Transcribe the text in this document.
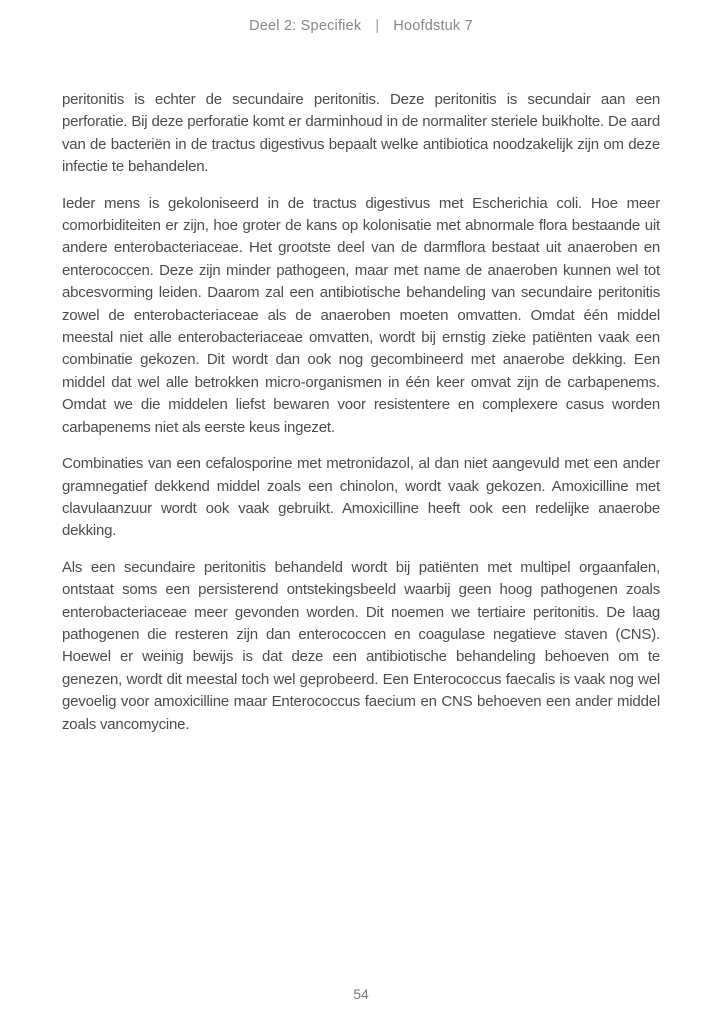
Deel 2: Specifiek | Hoofdstuk 7

peritonitis is echter de secundaire peritonitis. Deze peritonitis is secundair aan een perforatie. Bij deze perforatie komt er darminhoud in de normaliter steriele buikholte. De aard van de bacteriën in de tractus digestivus bepaalt welke antibiotica noodzakelijk zijn om deze infectie te behandelen.

Ieder mens is gekoloniseerd in de tractus digestivus met Escherichia coli. Hoe meer comorbiditeiten er zijn, hoe groter de kans op kolonisatie met abnormale flora bestaande uit andere enterobacteriaceae. Het grootste deel van de darmflora bestaat uit anaeroben en enterococcen. Deze zijn minder pathogeen, maar met name de anaeroben kunnen wel tot abcesvorming leiden. Daarom zal een antibiotische behandeling van secundaire peritonitis zowel de enterobacteriaceae als de anaeroben moeten omvatten. Omdat één middel meestal niet alle enterobacteriaceae omvatten, wordt bij ernstig zieke patiënten vaak een combinatie gekozen. Dit wordt dan ook nog gecombineerd met anaerobe dekking. Een middel dat wel alle betrokken micro-organismen in één keer omvat zijn de carbapenems. Omdat we die middelen liefst bewaren voor resistentere en complexere casus worden carbapenems niet als eerste keus ingezet.

Combinaties van een cefalosporine met metronidazol, al dan niet aangevuld met een ander gramnegatief dekkend middel zoals een chinolon, wordt vaak gekozen. Amoxicilline met clavulaanzuur wordt ook vaak gebruikt. Amoxicilline heeft ook een redelijke anaerobe dekking.

Als een secundaire peritonitis behandeld wordt bij patiënten met multipel orgaanfalen, ontstaat soms een persisterend ontstekingsbeeld waarbij geen hoog pathogenen zoals enterobacteriaceae meer gevonden worden. Dit noemen we tertiaire peritonitis. De laag pathogenen die resteren zijn dan enterococcen en coagulase negatieve staven (CNS). Hoewel er weinig bewijs is dat deze een antibiotische behandeling behoeven om te genezen, wordt dit meestal toch wel geprobeerd. Een Enterococcus faecalis is vaak nog wel gevoelig voor amoxicilline maar Enterococcus faecium en CNS behoeven een ander middel zoals vancomycine.

54
